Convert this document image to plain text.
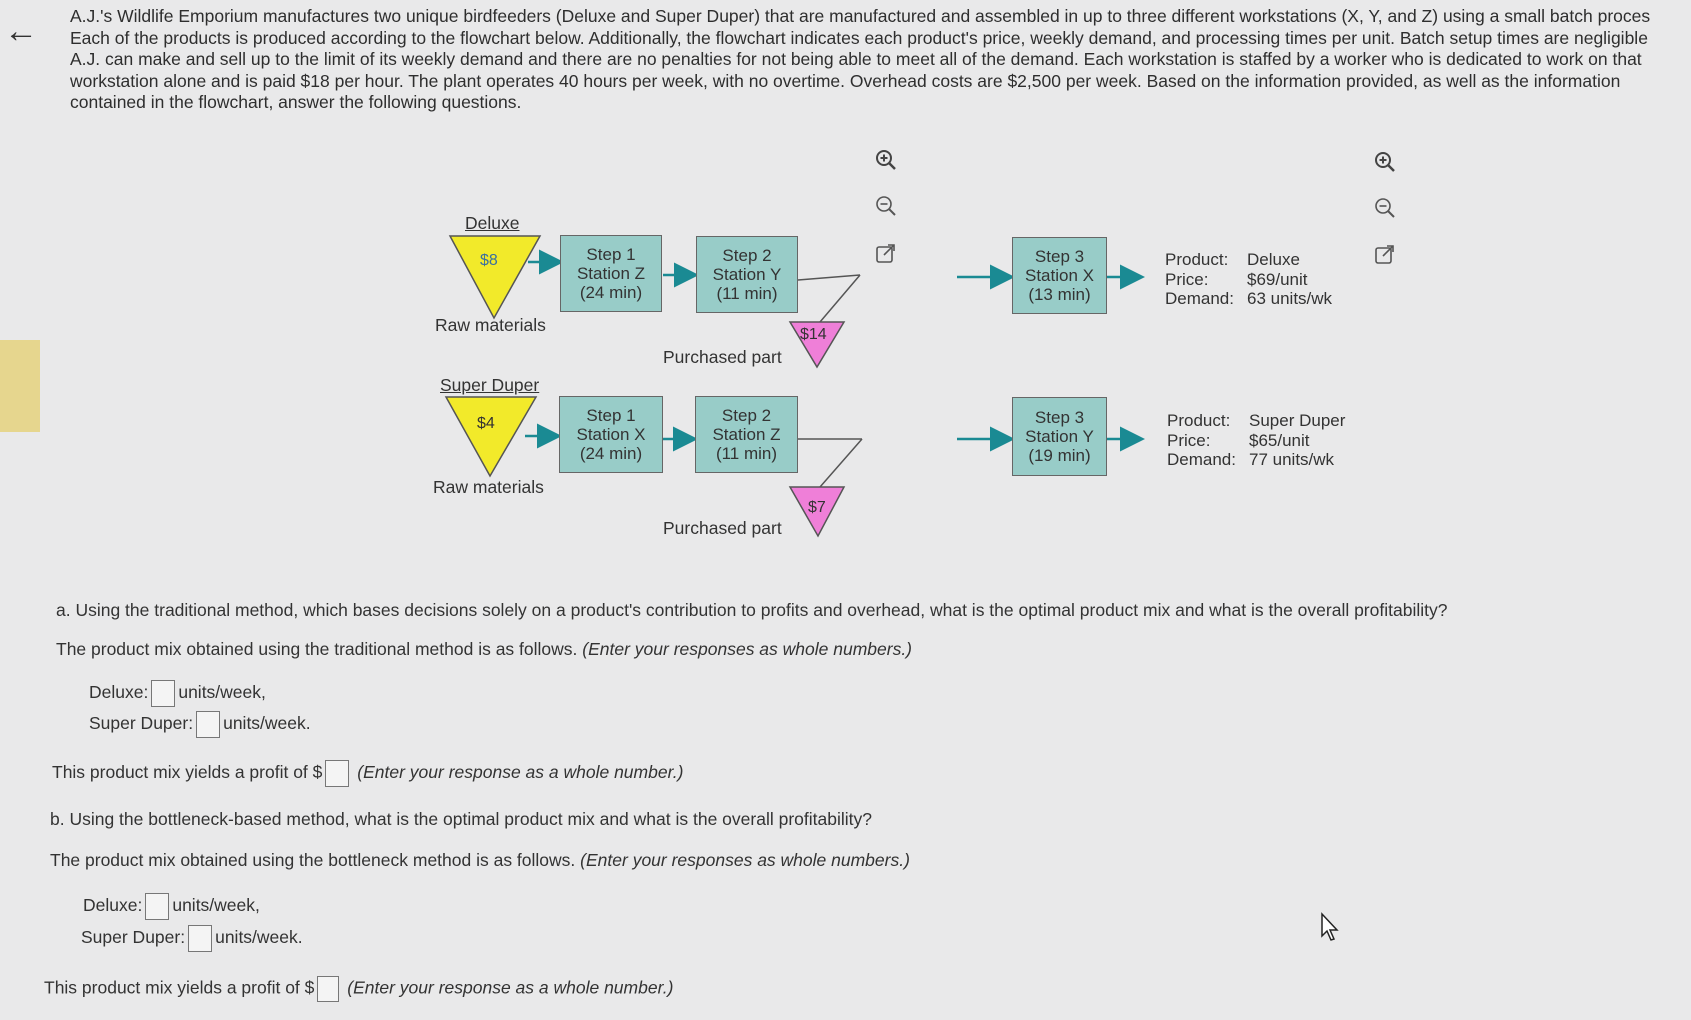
← A.J.'s Wildlife Emporium manufactures two unique birdfeeders (Deluxe and Super Duper) that are manufactured and assembled in up to three different workstations (X, Y, and Z) using a small batch proces
Each of the products is produced according to the flowchart below. Additionally, the flowchart indicates each product's price, weekly demand, and processing times per unit. Batch setup times are negligible
A.J. can make and sell up to the limit of its weekly demand and there are no penalties for not being able to meet all of the demand. Each workstation is staffed by a worker who is dedicated to work on that
workstation alone and is paid $18 per hour. The plant operates 40 hours per week, with no overtime. Overhead costs are $2,500 per week. Based on the information provided, as well as the information
contained in the flowchart, answer the following questions.
Deluxe
$8
Raw materials
Step 1
Station Z
(24 min)
Step 2
Station Y
(11 min)
$14
Purchased part
Step 3
Station X
(13 min)
Product: Deluxe
Price: $69/unit
Demand: 63 units/wk
Super Duper
$4
Raw materials
Step 1
Station X
(24 min)
Step 2
Station Z
(11 min)
$7
Purchased part
Step 3
Station Y
(19 min)
Product: Super Duper
Price: $65/unit
Demand: 77 units/wk
a. Using the traditional method, which bases decisions solely on a product's contribution to profits and overhead, what is the optimal product mix and what is the overall profitability?
The product mix obtained using the traditional method is as follows. (Enter your responses as whole numbers.)
Deluxe: units/week,
Super Duper: units/week.
This product mix yields a profit of $ (Enter your response as a whole number.)
b. Using the bottleneck-based method, what is the optimal product mix and what is the overall profitability?
The product mix obtained using the bottleneck method is as follows. (Enter your responses as whole numbers.)
Deluxe: units/week,
Super Duper: units/week.
This product mix yields a profit of $ (Enter your response as a whole number.)
